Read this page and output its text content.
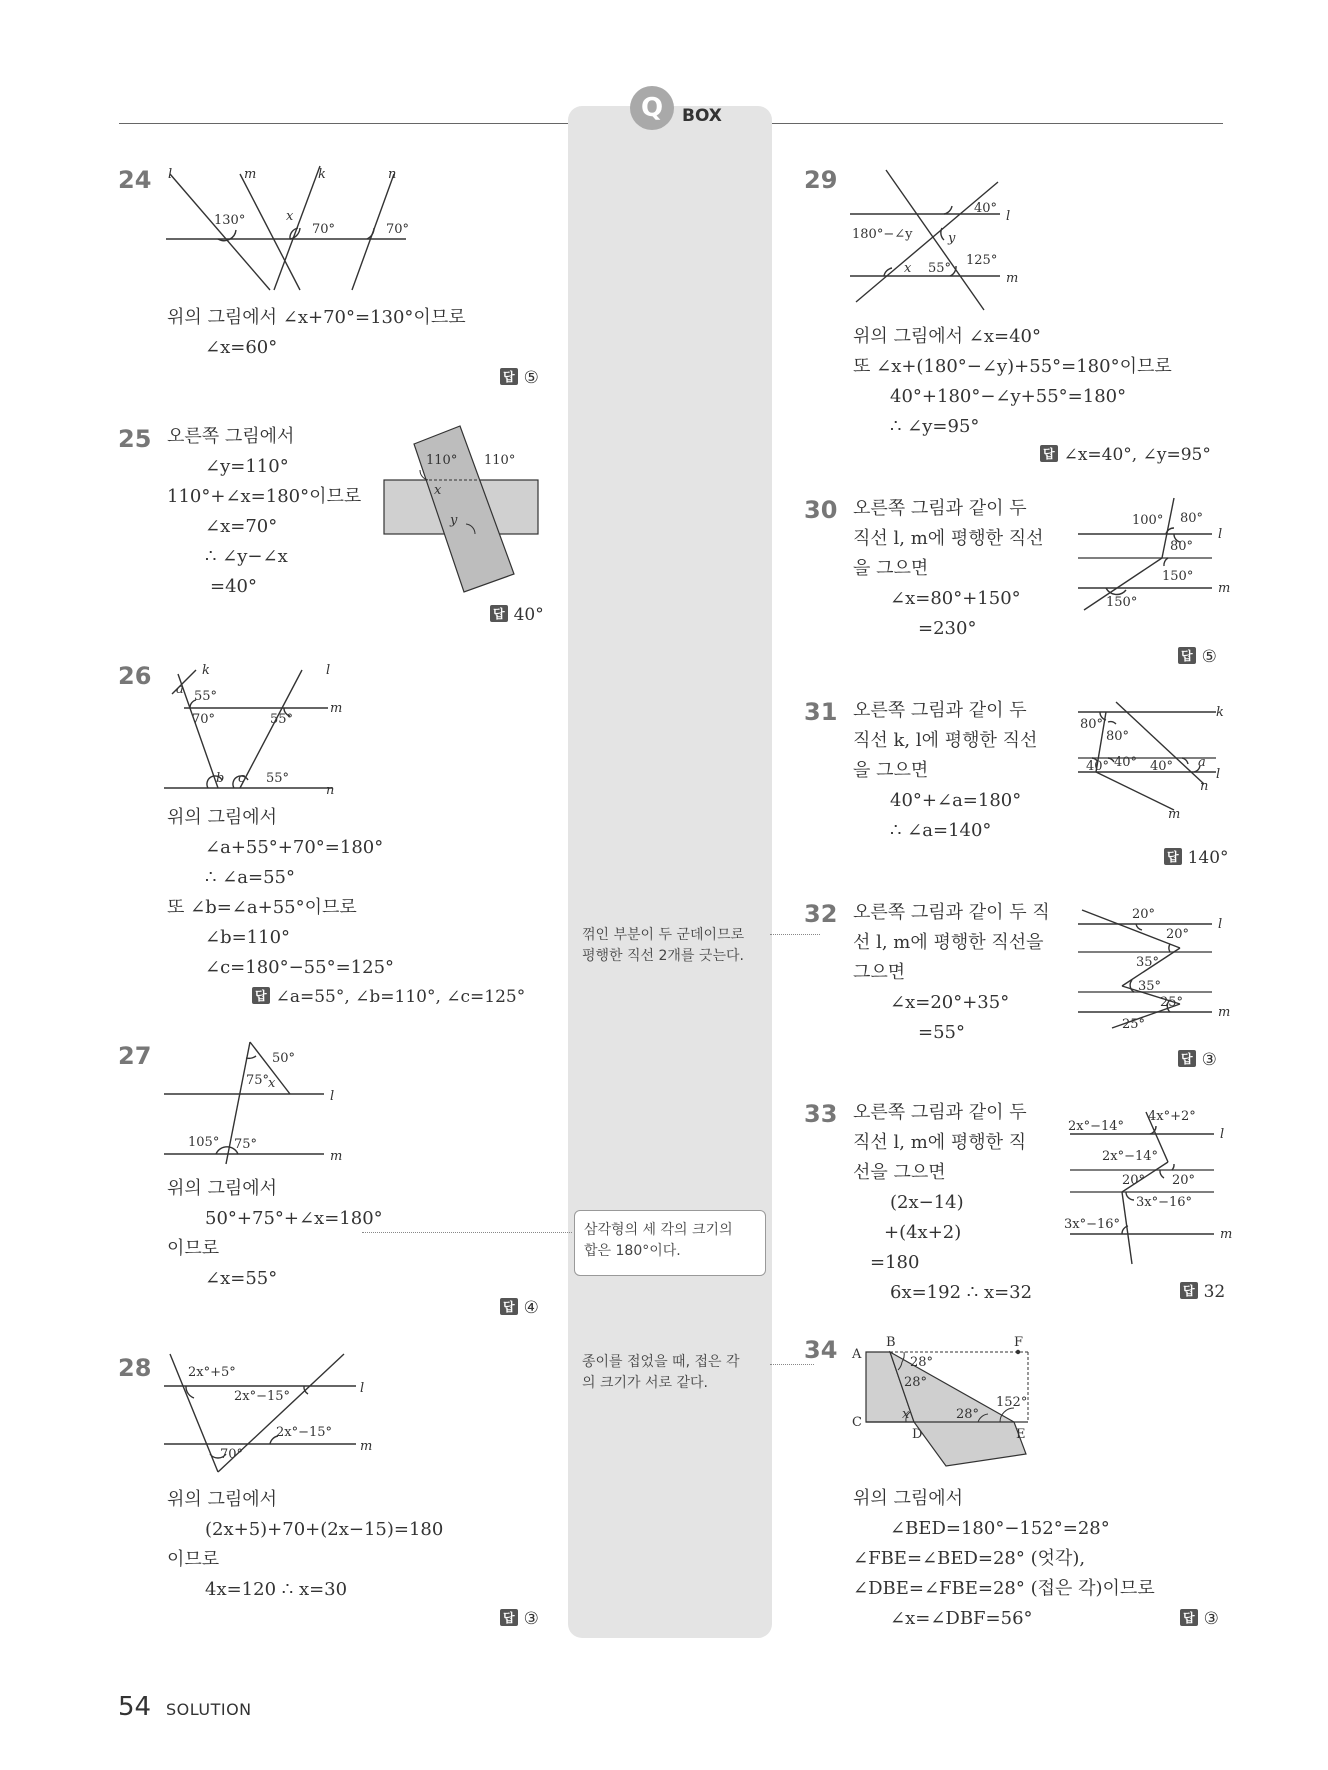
Q	BOX
24 l	m	k	n
130°	x
70°	70°
위의 그림에서 ∠x+70°=130°이므로
∠x=60°
답 ⑤
25 오른쪽 그림에서
∠y=110°
110°+∠x=180°이므로
∠x=70°
∴ ∠y−∠x
=40°
110° 110°
x
y
답 40°
26	k	l
m
n
a 55°
70°	55°
b c 55°
위의 그림에서
∠a+55°+70°=180°
∴ ∠a=55°
또 ∠b=∠a+55°이므로
∠b=110°
∠c=180°−55°=125°
답 ∠a=55°, ∠b=110°, ∠c=125°
27	50°
75°
x
l
105° 75°
m
위의 그림에서
50°+75°+∠x=180°
이므로
∠x=55°
답 ④
28	2x°+5°
2x°−15°
2x°−15°
70°
l
m
위의 그림에서
(2x+5)+70+(2x−15)=180
이므로
4x=120 ∴ x=30
답 ③
꺾인 부분이 두 군데이므로
평행한 직선 2개를 긋는다.
삼각형의 세 각의 크기의
합은 180°이다.
종이를 접었을 때, 접은 각
의 크기가 서로 같다.
29
40°
l
180°−∠y	y
x 55°
125°
m
위의 그림에서 ∠x=40°
또 ∠x+(180°−∠y)+55°=180°이므로
40°+180°−∠y+55°=180°
∴ ∠y=95°
답 ∠x=40°, ∠y=95°
30 오른쪽 그림과 같이 두
직선 l, m에 평행한 직선
을 그으면
∠x=80°+150°
=230°
100° 80°
80°
150°
150°
l
m
답 ⑤
31 오른쪽 그림과 같이 두
직선 k, l에 평행한 직선
을 그으면
40°+∠a=180°
∴ ∠a=140°
80°
80°
40° 40° 40° a
k
l
n
m
답 140°
32 오른쪽 그림과 같이 두 직
선 l, m에 평행한 직선을
그으면
∠x=20°+35°
=55°
20°
20°
35°
35°
25°
25°
l
m
답 ③
33 오른쪽 그림과 같이 두
직선 l, m에 평행한 직
선을 그으면
(2x−14)
+(4x+2)
=180
6x=192 ∴ x=32
2x°−14°
4x°+2°
2x°−14°
20° 20°
3x°−16°
3x°−16°
l
m
답 32
34 A
B	F
C
D	E
28°
28°
28°
x
152°
위의 그림에서
∠BED=180°−152°=28°
∠FBE=∠BED=28° (엇각),
∠DBE=∠FBE=28° (접은 각)이므로
∠x=∠DBF=56°	답 ③
54 SOLUTION
